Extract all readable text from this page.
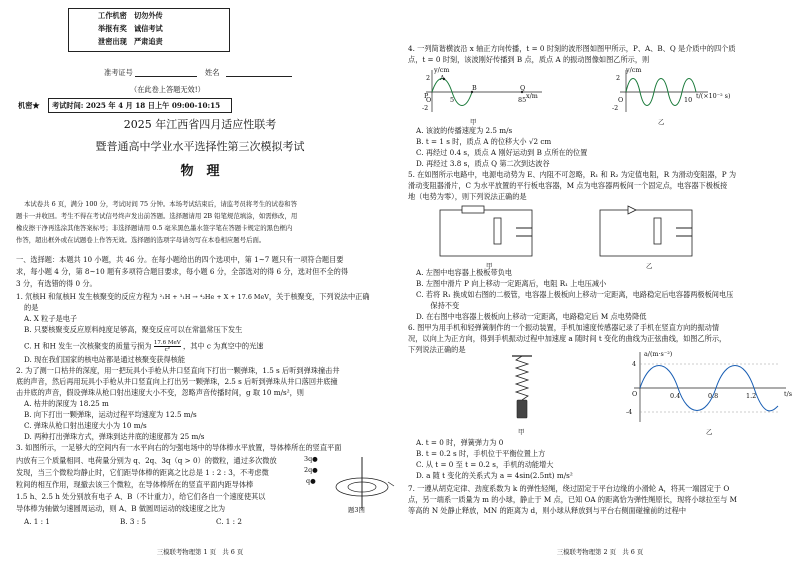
工作机密　切勿外传
举报有奖　诚信考试
泄密出现　严肃追责
准考证号	姓名
（在此卷上答题无效!）
机密★ 考试时间: 2025 年 4 月 18 日上午 09:00-10:15
2025 年江西省四月适应性联考
暨普通高中学业水平选择性第三次模拟考试
物　理
本试卷共 6 页，满分 100 分，考试时间 75 分钟。本场考试结束后，请监考员将考生的试卷和答
题卡一并收回。考生不得在考试信号终声发出前答题。选择题请用 2B 铅笔规范填涂，如需修改，用
橡皮擦干净再选涂其他答案标号；非选择题请用 0.5 毫米黑色墨水签字笔在答题卡规定的黑色框内
作答，超出框外或在试题卷上作答无效。选择题的选项字母请勿写在本卷相应题号后面。
一、选择题：本题共 10 小题，共 46 分。在每小题给出的四个选项中，第 1~7 题只有一项符合题目要
求，每小题 4 分，第 8~10 题有多项符合题目要求，每小题 6 分，全部选对的得 6 分，选对但不全的得
3 分，有选错的得 0 分。
1. 氘核H 和氚核H 发生核聚变的反应方程为 ²₁H + ³₁H → ⁴₂He + X + 17.6 MeV，关于核聚变，下列说法中正确
的是
A. X 粒子是电子
B. 只要核聚变反应原料纯度足够高，聚变反应可以在常温常压下发生
C. H 和H 发生一次核聚变的质量亏损为 17.6 MeV
c²	，其中 c 为真空中的光速
D. 现在我们国家的核电站都是通过核聚变获得核能
2. 为了测一口枯井的深度，用一把玩具小手枪从井口竖直向下打出一颗弹珠，1.5 s 后听到弹珠撞击井
底的声音，然后再用玩具小手枪从井口竖直向上打出另一颗弹珠，2.5 s 后听到弹珠从井口落回井底撞
击井底的声音，假设弹珠从枪口射出速度大小不变，忽略声音传播时间，g 取 10 m/s²，则
A. 枯井的深度为 18.25 m
B. 向下打出一颗弹珠，运动过程平均速度为 12.5 m/s
C. 弹珠从枪口射出速度大小为 10 m/s
D. 两种打出弹珠方式，弹珠到达井底的速度都为 25 m/s
3. 如图所示，一足够大的空间内有一水平向右的匀强电场中的导体棒水平放置，导体棒所在的竖直平面
内放有三个质量相同、电荷量分别为 q、2q、3q（q > 0）的微粒，通过多次微放
发现，当三个微粒均静止时，它们距导体棒的距离之比总是 1 : 2 : 3，不考虑微
粒间的相互作用，现撤去该三个微粒，在导体棒所在的竖直平面内距导体棒
1.5 h、2.5 h 处分别放有电子 A、B（不计重力），给它们各自一个速度使其以
导体棒为轴做匀速圆周运动，则 A、B 做圆周运动的线速度之比为
A. 1 : 1	B. 3 : 5	C. 1 : 2
3q●
2q●
q●
题3图
三模联考物理第 1 页　共 6 页
4. 一列简谐横波沿 x 轴正方向传播，t = 0 时刻的波形图如图甲所示，P、A、B、Q 是介质中的四个质
点，t = 0 时刻，该波刚好传播到 B 点，质点 A 的振动图像如图乙所示，则
y/cm
x/m
P
A
B	Q
2
-2
O	5	85
甲
y/cm
t/(×10⁻² s)
2
-2
O	10
乙
A. 该波的传播速度为 2.5 m/s
B. t = 1 s 时，质点 A 的位移大小 √2 cm
C. 再经过 0.4 s，质点 A 刚好运动到 B 点所在的位置
D. 再经过 3.8 s，质点 Q 第二次到达波谷
5. 在如图所示电路中，电源电动势为 E、内阻不可忽略，R₁ 和 R₂ 为定值电阻，R 为滑动变阻器，P 为
滑动变阻器滑片，C 为水平放置的平行板电容器，M 点为电容器两板间一个固定点，电容器下极板接
地（电势为零），则下列说法正确的是
甲	乙
A. 左图中电容器上极板带负电
B. 左图中滑片 P 向上移动一定距离后，电阻 R₁ 上电压减小
C. 若将 R₁ 换成如右图的二极管，电容器上极板向上移动一定距离，电路稳定后电容器两极板间电压
　　保持不变
D. 在右图中电容器上极板向上移动一定距离，电路稳定后 M 点电势降低
6. 图甲为用手机和轻弹簧制作的一个振动装置，手机加速度传感器记录了手机在竖直方向的振动情
况，以向上为正方向，得到手机振动过程中加速度 a 随时间 t 变化的曲线为正弦曲线，如图乙所示，
下列说法正确的是
甲
a/(m·s⁻²)
t/s
4
-4
O	0.4	0.8	1.2
乙
A. t = 0 时，弹簧弹力为 0
B. t = 0.2 s 时，手机位于平衡位置上方
C. 从 t = 0 至 t = 0.2 s，手机的动能增大
D. a 随 t 变化的关系式为 a = 4sin(2.5πt) m/s²
7. 一遵从胡克定律、劲度系数为 k 的弹性轻绳，绕过固定于平台边缘的小滑轮 A，将其一端固定于 O
点，另一端系一质量为 m 的小球，静止于 M 点，已知 OA 的距离恰为弹性绳原长，现将小球拉至与 M
等高的 N 处静止释放，MN 的距离为 d，则小球从释放到与平台右侧面碰撞前的过程中
三模联考物理第 2 页　共 6 页
